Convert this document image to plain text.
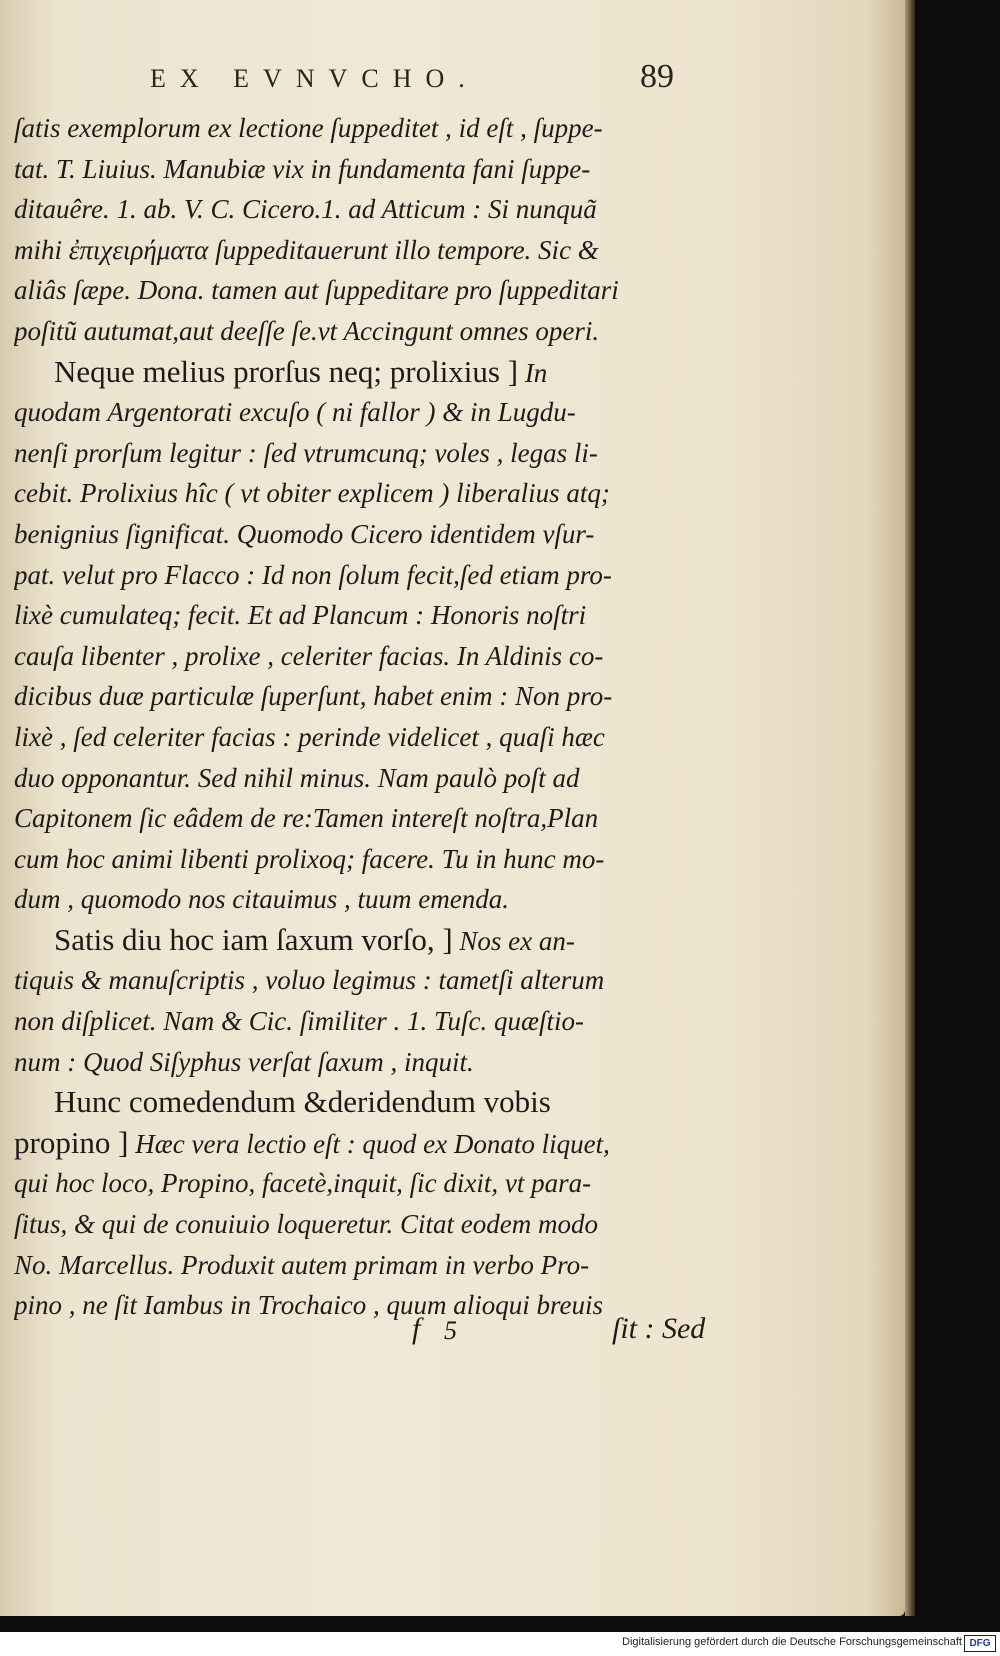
EX EVNVCHO.	89
ſatis exemplorum ex lectione ſuppeditet , id eſt , ſuppe-
tat. T. Liuius. Manubiæ vix in fundamenta fani ſuppe-
ditauêre. 1. ab. V. C. Cicero.1. ad Atticum : Si nunquã
mihi ἐπιχειρήματα ſuppeditauerunt illo tempore. Sic &
aliâs ſæpe. Dona. tamen aut ſuppeditare pro ſuppeditari
poſitũ autumat,aut deeſſe ſe.vt Accingunt omnes operi.
Neque melius prorſus neq; prolixius ] In
quodam Argentorati excuſo ( ni fallor ) & in Lugdu-
nenſi prorſum legitur : ſed vtrumcunq; voles , legas li-
cebit. Prolixius hîc ( vt obiter explicem ) liberalius atq;
benignius ſignificat. Quomodo Cicero identidem vſur-
pat. velut pro Flacco : Id non ſolum fecit,ſed etiam pro-
lixè cumulateq; fecit. Et ad Plancum : Honoris noſtri
cauſa libenter , prolixe , celeriter facias. In Aldinis co-
dicibus duæ particulæ ſuperſunt, habet enim : Non pro-
lixè , ſed celeriter facias : perinde videlicet , quaſi hæc
duo opponantur. Sed nihil minus. Nam paulò poſt ad
Capitonem ſic eâdem de re:Tamen intereſt noſtra,Plan
cum hoc animi libenti prolixoq; facere. Tu in hunc mo-
dum , quomodo nos citauimus , tuum emenda.
Satis diu hoc iam ſaxum vorſo, ] Nos ex an-
tiquis & manuſcriptis , voluo legimus : tametſi alterum
non diſplicet. Nam & Cic. ſimiliter . 1. Tuſc. quæſtio-
num : Quod Siſyphus verſat ſaxum , inquit.
Hunc comedendum &deridendum vobis
propino ] Hæc vera lectio eſt : quod ex Donato liquet,
qui hoc loco, Propino, facetè,inquit, ſic dixit, vt para-
ſitus, & qui de conuiuio loqueretur. Citat eodem modo
No. Marcellus. Produxit autem primam in verbo Pro-
pino , ne ſit Iambus in Trochaico , quum alioqui breuis
f 5	ſit : Sed
Digitalisierung gefördert durch die Deutsche Forschungsgemeinschaft DFG
